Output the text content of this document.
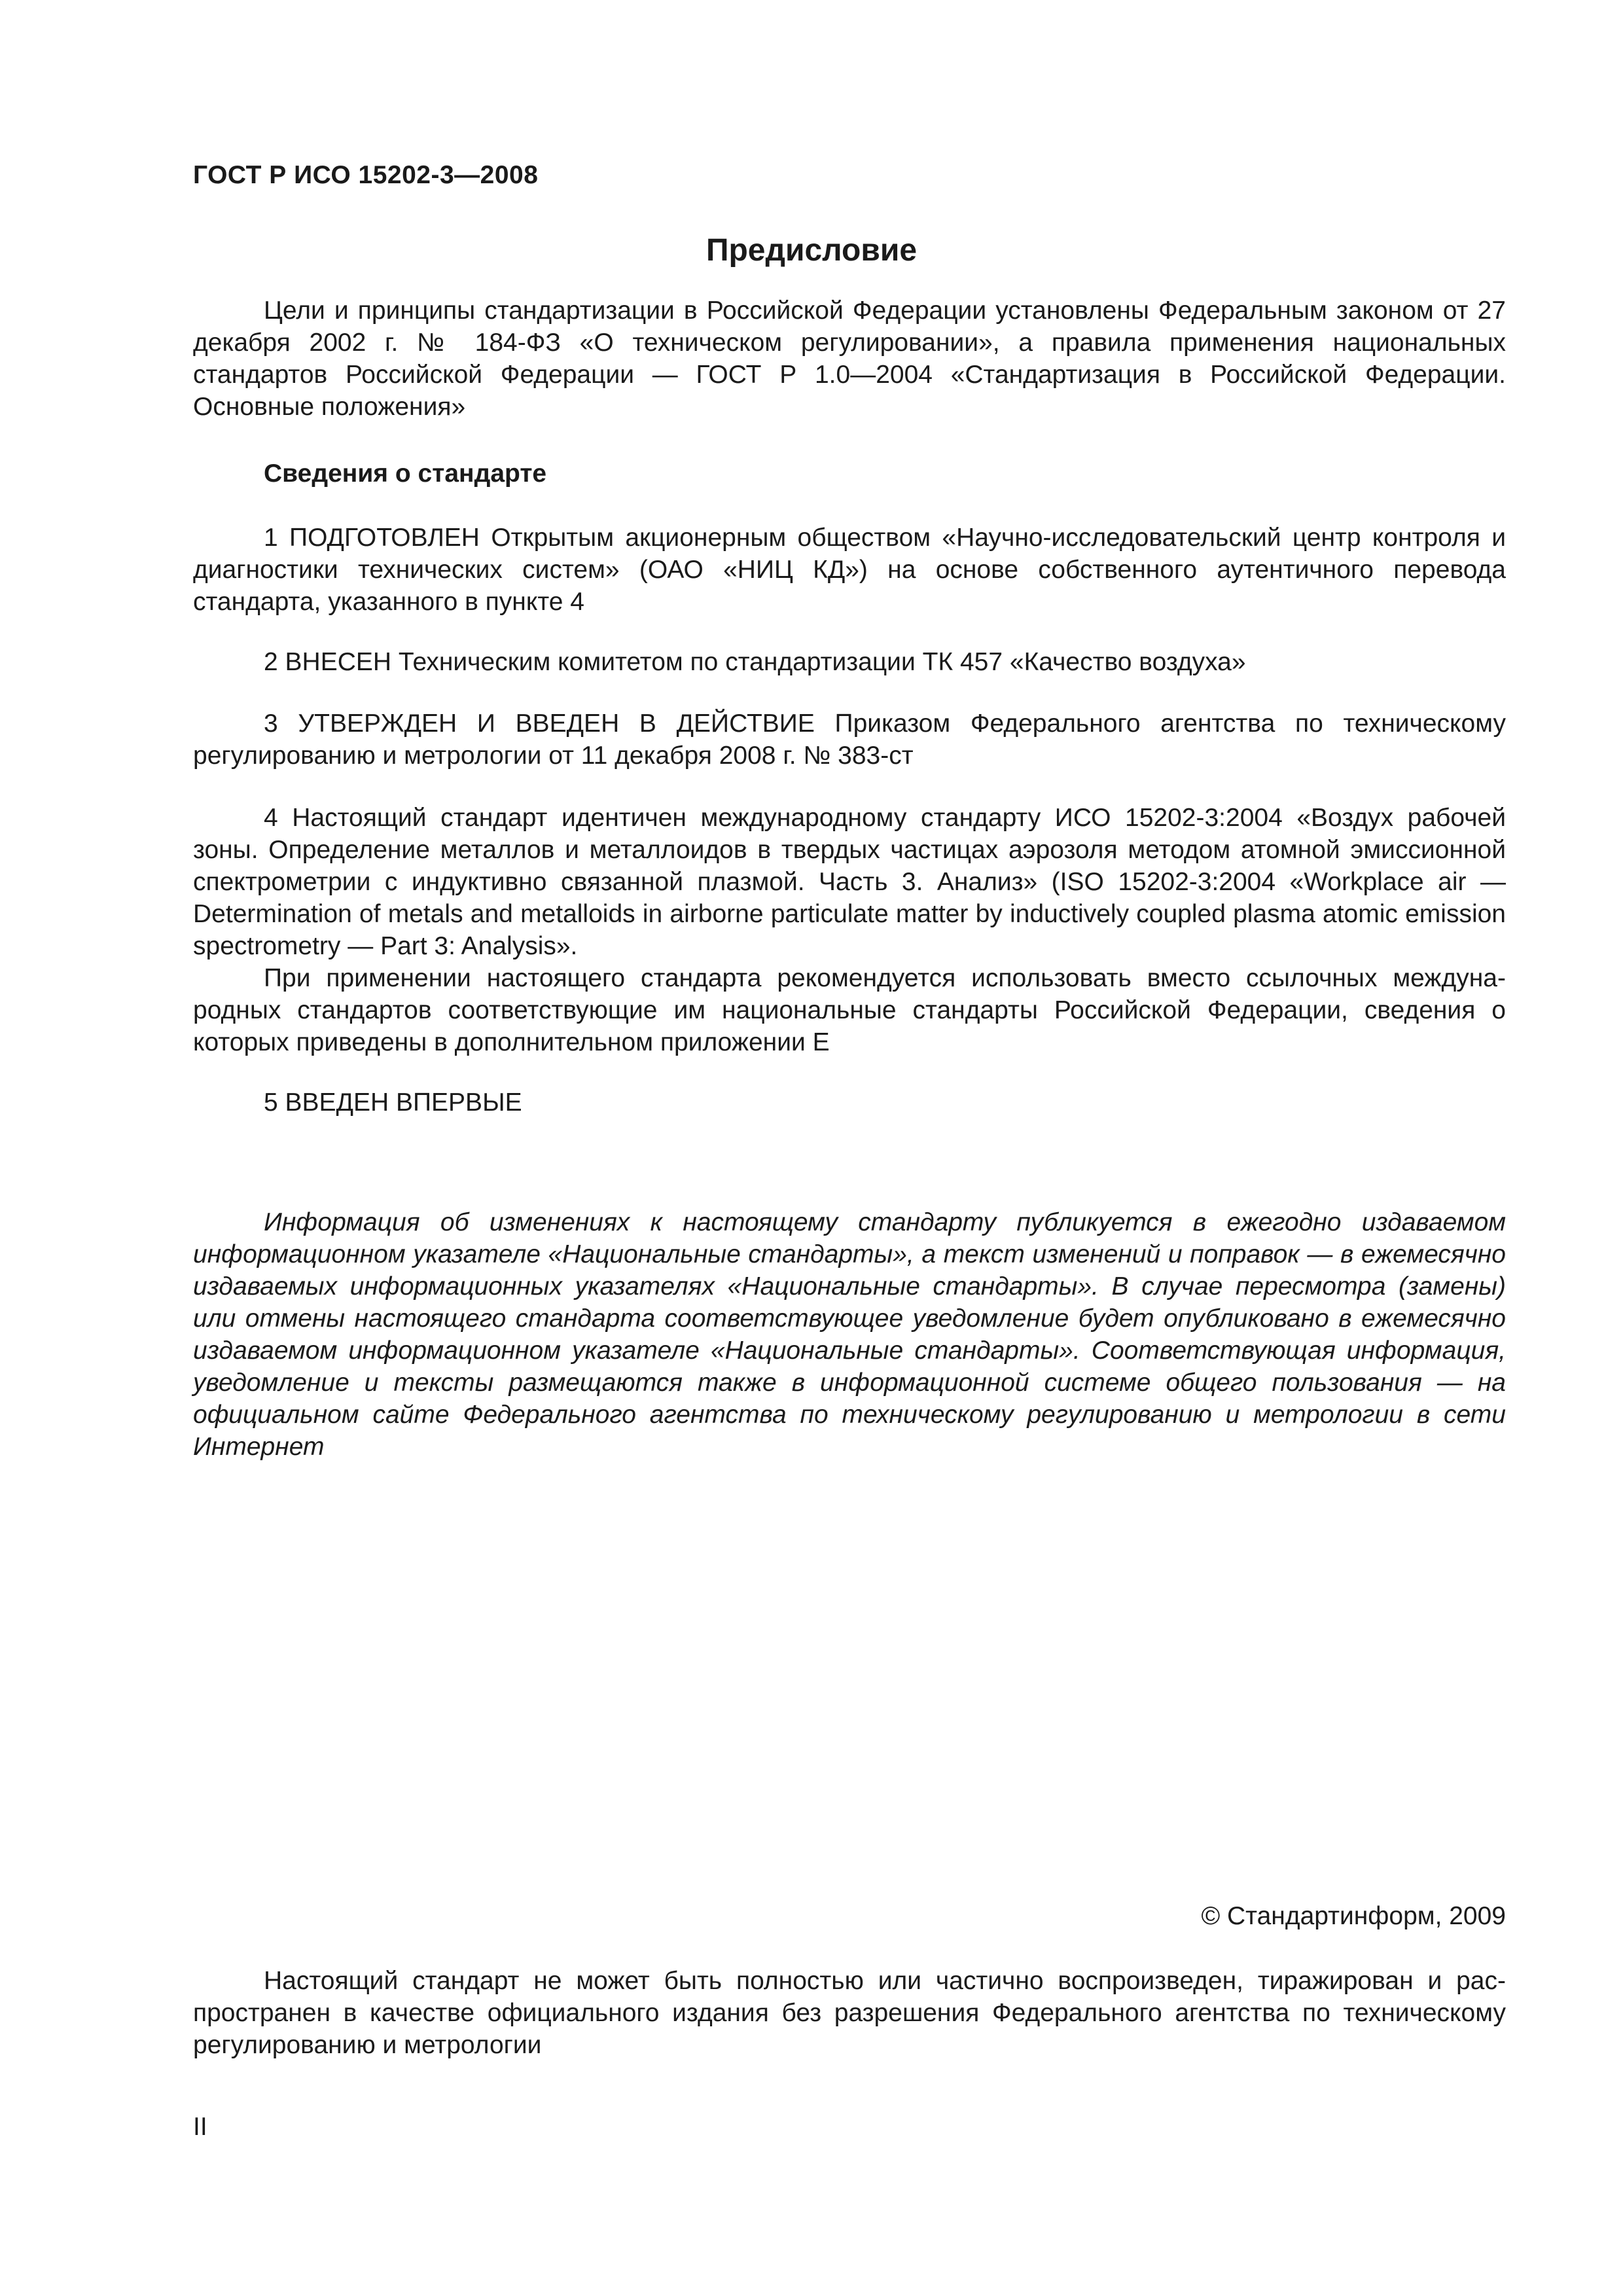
ГОСТ Р ИСО 15202-3—2008
Предисловие

Цели и принципы стандартизации в Российской Федерации установлены Федеральным законом от 27 декабря 2002 г. № 184-ФЗ «О техническом регулировании», а правила применения национальных стандартов Российской Федерации — ГОСТ Р 1.0—2004 «Стандартизация в Российской Федерации. Основные положения»

Сведения о стандарте

1 ПОДГОТОВЛЕН Открытым акционерным обществом «Научно-исследовательский центр контроля и диагностики технических систем» (ОАО «НИЦ КД») на основе собственного аутентичного перевода стандарта, указанного в пункте 4

2 ВНЕСЕН Техническим комитетом по стандартизации ТК 457 «Качество воздуха»

3 УТВЕРЖДЕН И ВВЕДЕН В ДЕЙСТВИЕ Приказом Федерального агентства по техническому регулированию и метрологии от 11 декабря 2008 г. № 383-ст

4 Настоящий стандарт идентичен международному стандарту ИСО 15202-3:2004 «Воздух рабочей зоны. Определение металлов и металлоидов в твердых частицах аэрозоля методом атомной эмиссионной спектрометрии с индуктивно связанной плазмой. Часть 3. Анализ» (ISO 15202-3:2004 «Workplace air — Determination of metals and metalloids in airborne particulate matter by inductively coupled plasma atomic emission spectrometry — Part 3: Analysis».

При применении настоящего стандарта рекомендуется использовать вместо ссылочных международных стандартов соответствующие им национальные стандарты Российской Федерации, сведения о которых приведены в дополнительном приложении Е

5 ВВЕДЕН ВПЕРВЫЕ

Информация об изменениях к настоящему стандарту публикуется в ежегодно издаваемом информационном указателе «Национальные стандарты», а текст изменений и поправок — в ежемесячно издаваемых информационных указателях «Национальные стандарты». В случае пересмотра (замены) или отмены настоящего стандарта соответствующее уведомление будет опубликовано в ежемесячно издаваемом информационном указателе «Национальные стандарты». Соответствующая информация, уведомление и тексты размещаются также в информационной системе общего пользования — на официальном сайте Федерального агентства по техническому регулированию и метрологии в сети Интернет

© Стандартинформ, 2009

Настоящий стандарт не может быть полностью или частично воспроизведен, тиражирован и распространен в качестве официального издания без разрешения Федерального агентства по техническому регулированию и метрологии

II
